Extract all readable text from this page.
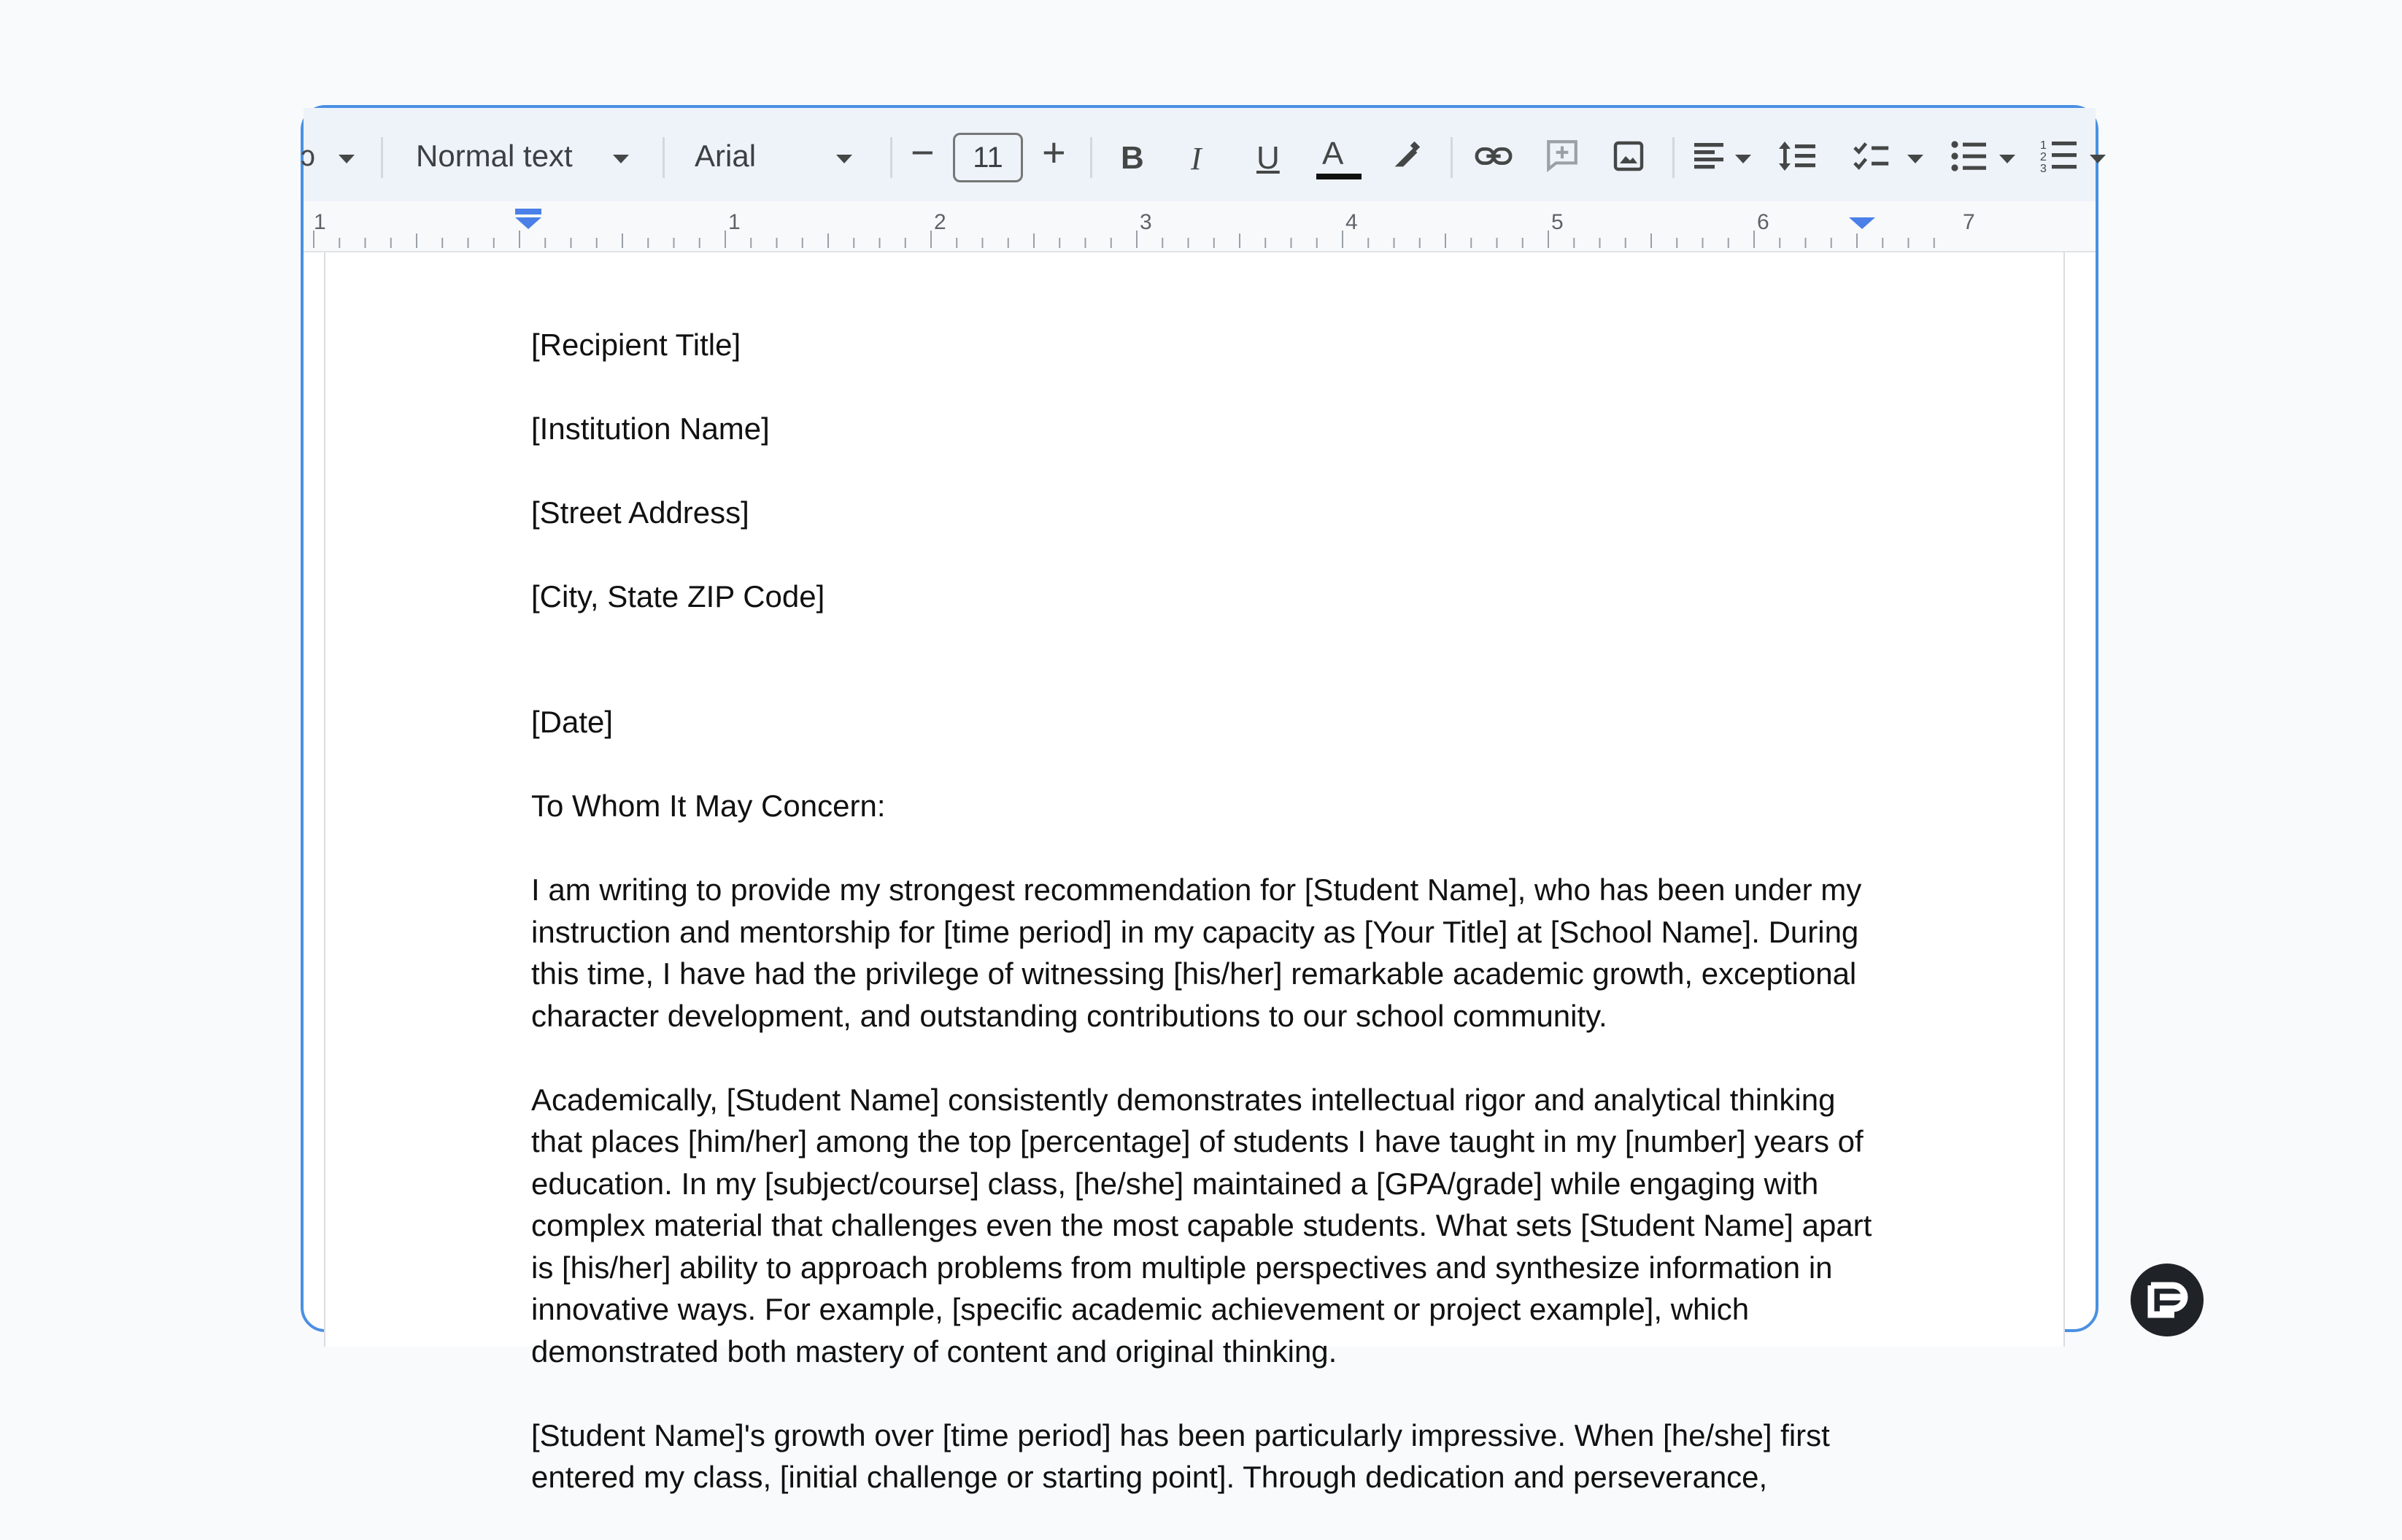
ↄ	Normal text	Arial	−	11 + B I U A	1
2
3
1	1	2	3	4	5	6	7

[Recipient Title]

[Institution Name]

[Street Address]

[City, State ZIP Code]

[Date]
To Whom It May Concern:
I am writing to provide my strongest recommendation for [Student Name], who has been under my instruction and mentorship for [time period] in my capacity as [Your Title] at [School Name]. During this time, I have had the privilege of witnessing [his/her] remarkable academic growth, exceptional character development, and outstanding contributions to our school community.
Academically, [Student Name] consistently demonstrates intellectual rigor and analytical thinking that places [him/her] among the top [percentage] of students I have taught in my [number] years of education. In my [subject/course] class, [he/she] maintained a [GPA/grade] while engaging with complex material that challenges even the most capable students. What sets [Student Name] apart is [his/her] ability to approach problems from multiple perspectives and synthesize information in innovative ways. For example, [specific academic achievement or project example], which demonstrated both mastery of content and original thinking.
[Student Name]'s growth over [time period] has been particularly impressive. When [he/she] first entered my class, [initial challenge or starting point]. Through dedication and perseverance,
